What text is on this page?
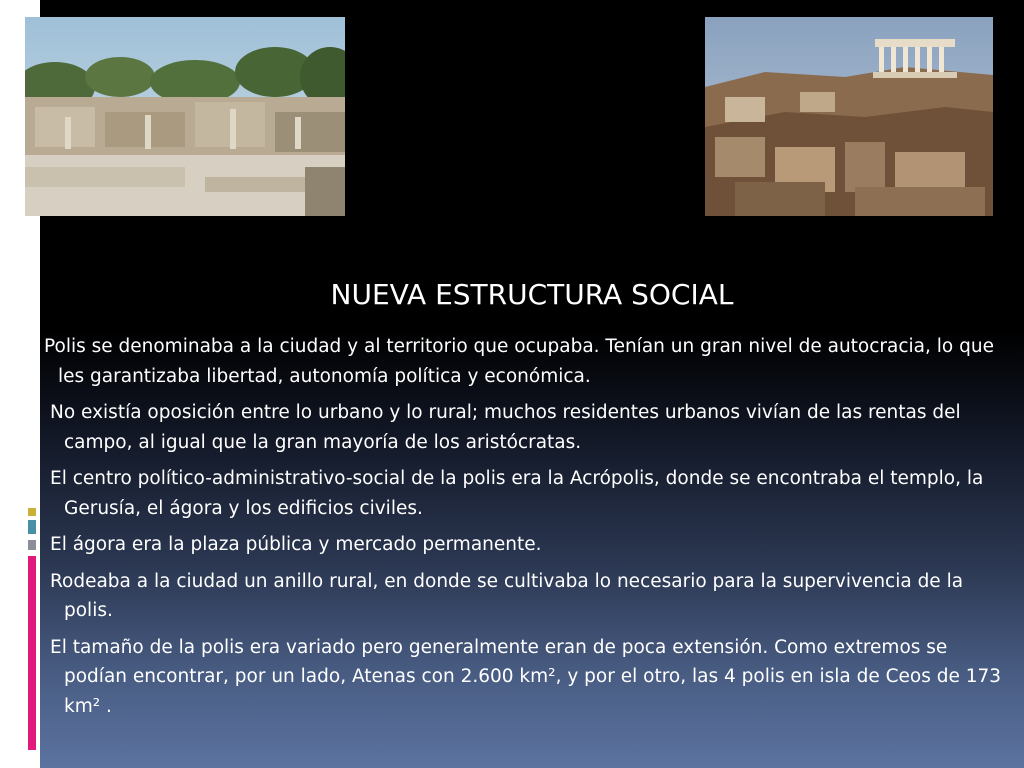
NUEVA ESTRUCTURA SOCIAL

Polis se denominaba a la ciudad y al territorio que ocupaba. Tenían un gran nivel de autocracia, lo que les garantizaba libertad, autonomía política y económica.

No existía oposición entre lo urbano y lo rural; muchos residentes urbanos vivían de las rentas del campo, al igual que la gran mayoría de los aristócratas.

El centro político-administrativo-social de la polis era la Acrópolis, donde se encontraba el templo, la Gerusía, el ágora y los edificios civiles.

El ágora era la plaza pública y mercado permanente.

Rodeaba a la ciudad un anillo rural, en donde se cultivaba lo necesario para la supervivencia de la polis.

El tamaño de la polis era variado pero generalmente eran de poca extensión. Como extremos se podían encontrar, por un lado, Atenas con 2.600 km², y por el otro, las 4 polis en isla de Ceos de 173 km² .
